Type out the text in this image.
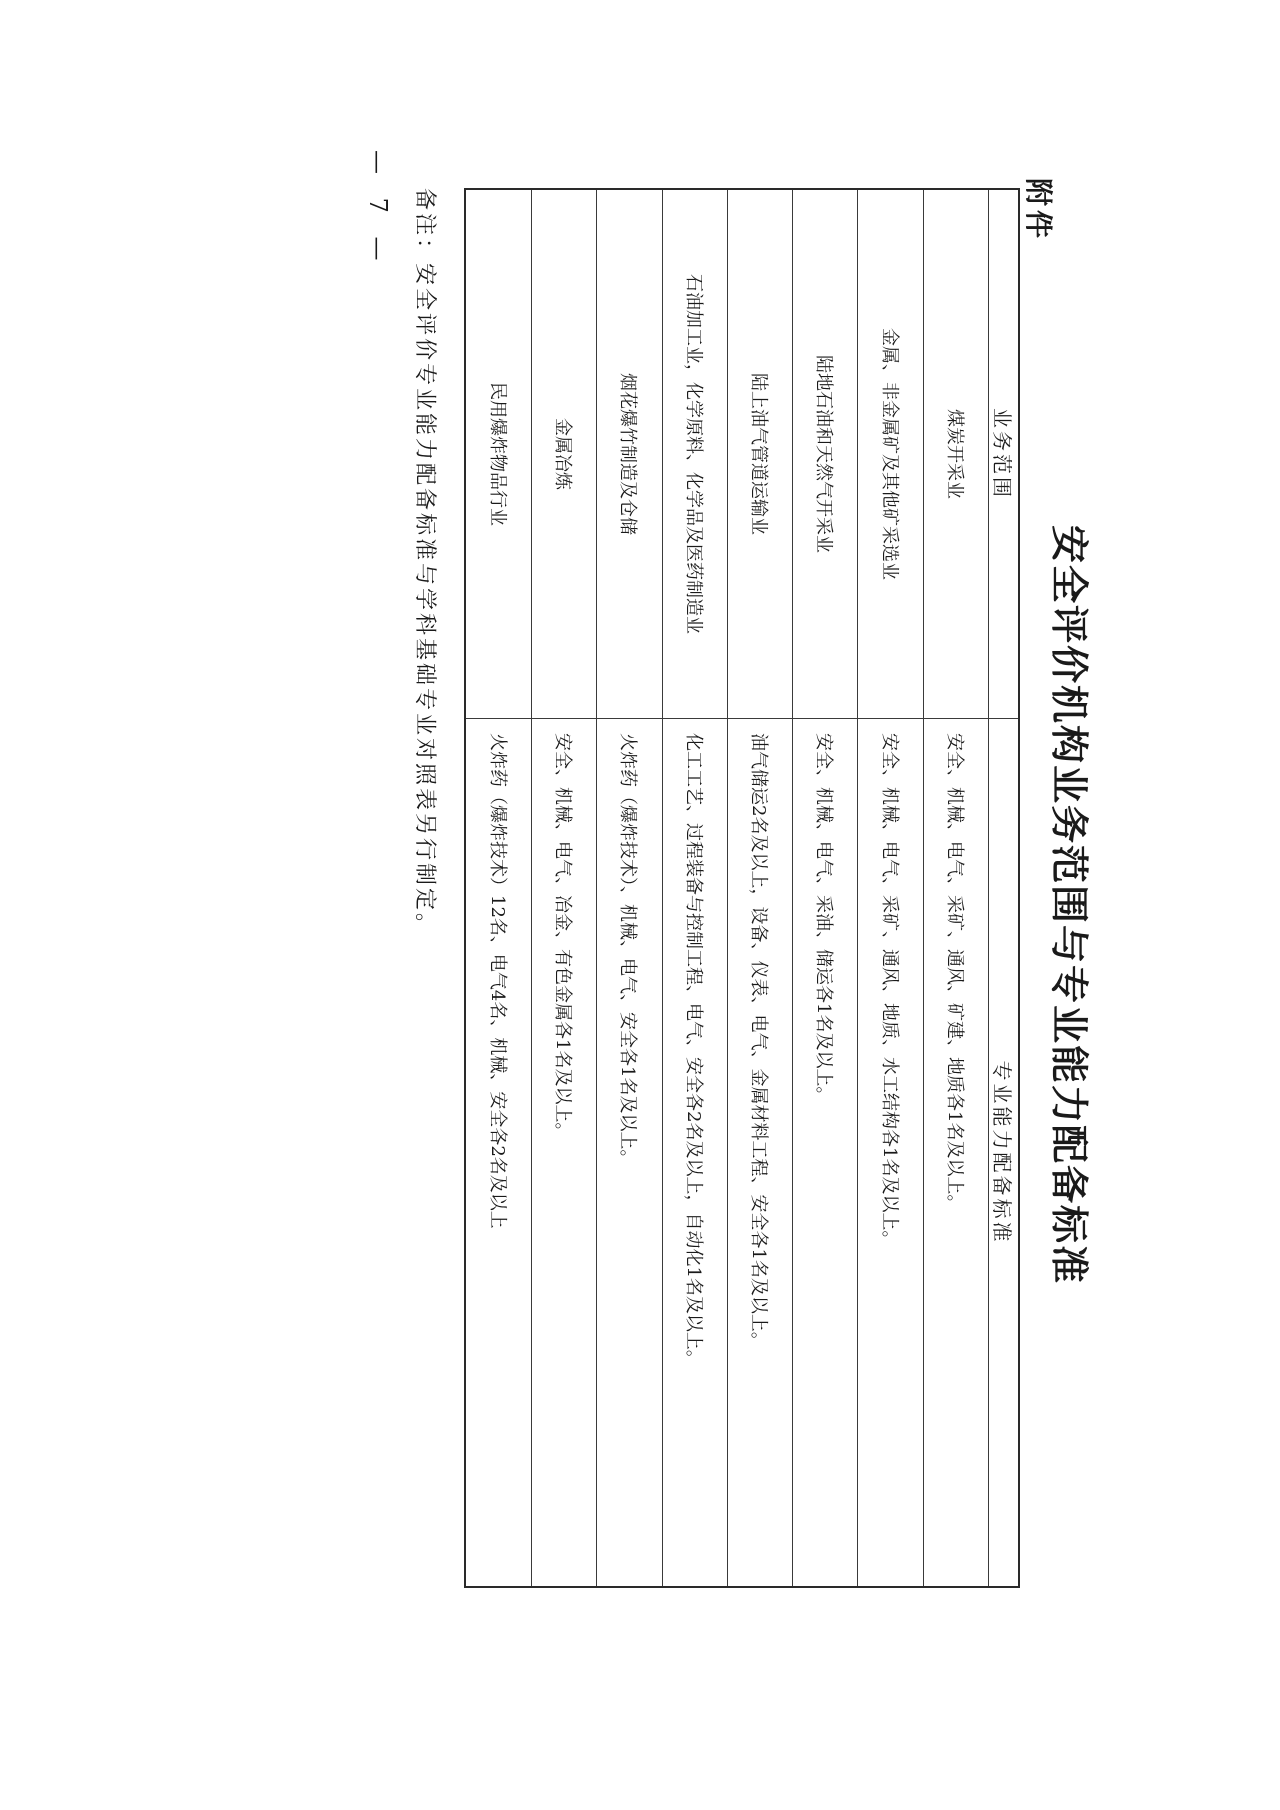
附件
安全评价机构业务范围与专业能力配备标准
业务范围	专业能力配备标准
煤炭开采业	安全、机械、电气、采矿、通风、矿建、地质各1名及以上。
金属、非金属矿及其他矿采选业	安全、机械、电气、采矿、通风、地质、水工结构各1名及以上。
陆地石油和天然气开采业	安全、机械、电气、采油、储运各1名及以上。
陆上油气管道运输业	油气储运2名及以上，设备、仪表、电气、金属材料工程、安全各1名及以上。
石油加工业，化学原料、化学品及医药制造业	化工工艺、过程装备与控制工程、电气、安全各2名及以上，自动化1名及以上。
烟花爆竹制造及仓储	火炸药（爆炸技术）、机械、电气、安全各1名及以上。
金属冶炼	安全、机械、电气、冶金、有色金属各1名及以上。
民用爆炸物品行业	火炸药（爆炸技术）12名、电气4名、机械、安全各2名及以上
备注：安全评价专业能力配备标准与学科基础专业对照表另行制定。
— 7 —
